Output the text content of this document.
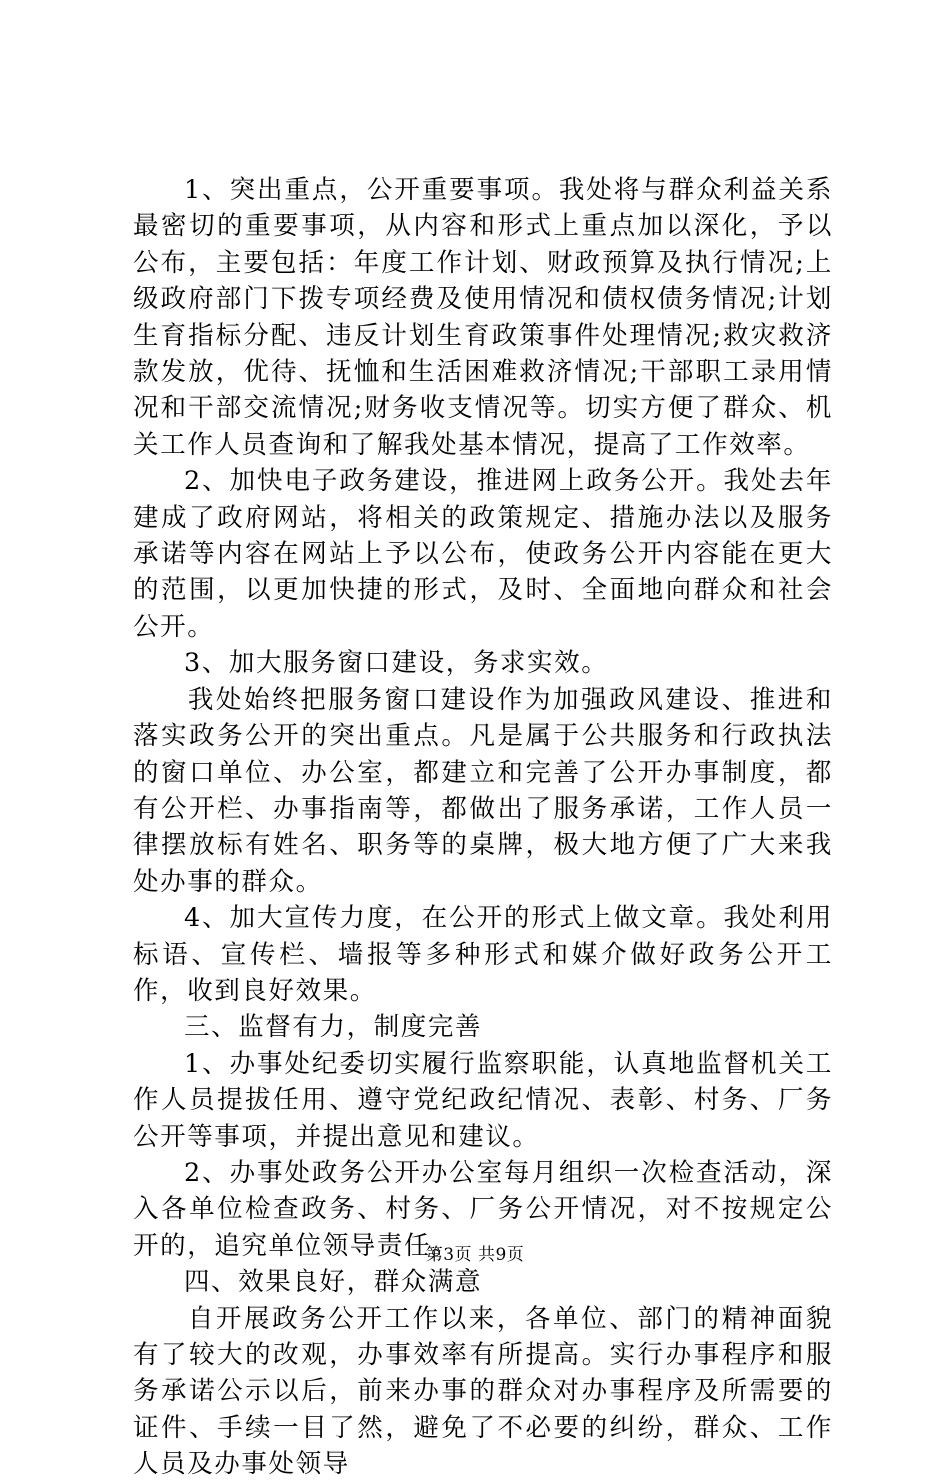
1、突出重点，公开重要事项。我处将与群众利益关系最密切的重要事项，从内容和形式上重点加以深化，予以公布，主要包括：年度工作计划、财政预算及执行情况;上级政府部门下拨专项经费及使用情况和债权债务情况;计划生育指标分配、违反计划生育政策事件处理情况;救灾救济款发放，优待、抚恤和生活困难救济情况;干部职工录用情况和干部交流情况;财务收支情况等。切实方便了群众、机关工作人员查询和了解我处基本情况，提高了工作效率。

2、加快电子政务建设，推进网上政务公开。我处去年建成了政府网站，将相关的政策规定、措施办法以及服务承诺等内容在网站上予以公布，使政务公开内容能在更大的范围，以更加快捷的形式，及时、全面地向群众和社会公开。

3、加大服务窗口建设，务求实效。

我处始终把服务窗口建设作为加强政风建设、推进和落实政务公开的突出重点。凡是属于公共服务和行政执法的窗口单位、办公室，都建立和完善了公开办事制度，都有公开栏、办事指南等，都做出了服务承诺，工作人员一律摆放标有姓名、职务等的桌牌，极大地方便了广大来我处办事的群众。

4、加大宣传力度，在公开的形式上做文章。我处利用标语、宣传栏、墙报等多种形式和媒介做好政务公开工作，收到良好效果。

三、监督有力，制度完善

1、办事处纪委切实履行监察职能，认真地监督机关工作人员提拔任用、遵守党纪政纪情况、表彰、村务、厂务公开等事项，并提出意见和建议。

2、办事处政务公开办公室每月组织一次检查活动，深入各单位检查政务、村务、厂务公开情况，对不按规定公开的，追究单位领导责任。

四、效果良好，群众满意

自开展政务公开工作以来，各单位、部门的精神面貌有了较大的改观，办事效率有所提高。实行办事程序和服务承诺公示以后，前来办事的群众对办事程序及所需要的证件、手续一目了然，避免了不必要的纠纷，群众、工作人员及办事处领导

第3页 共9页
